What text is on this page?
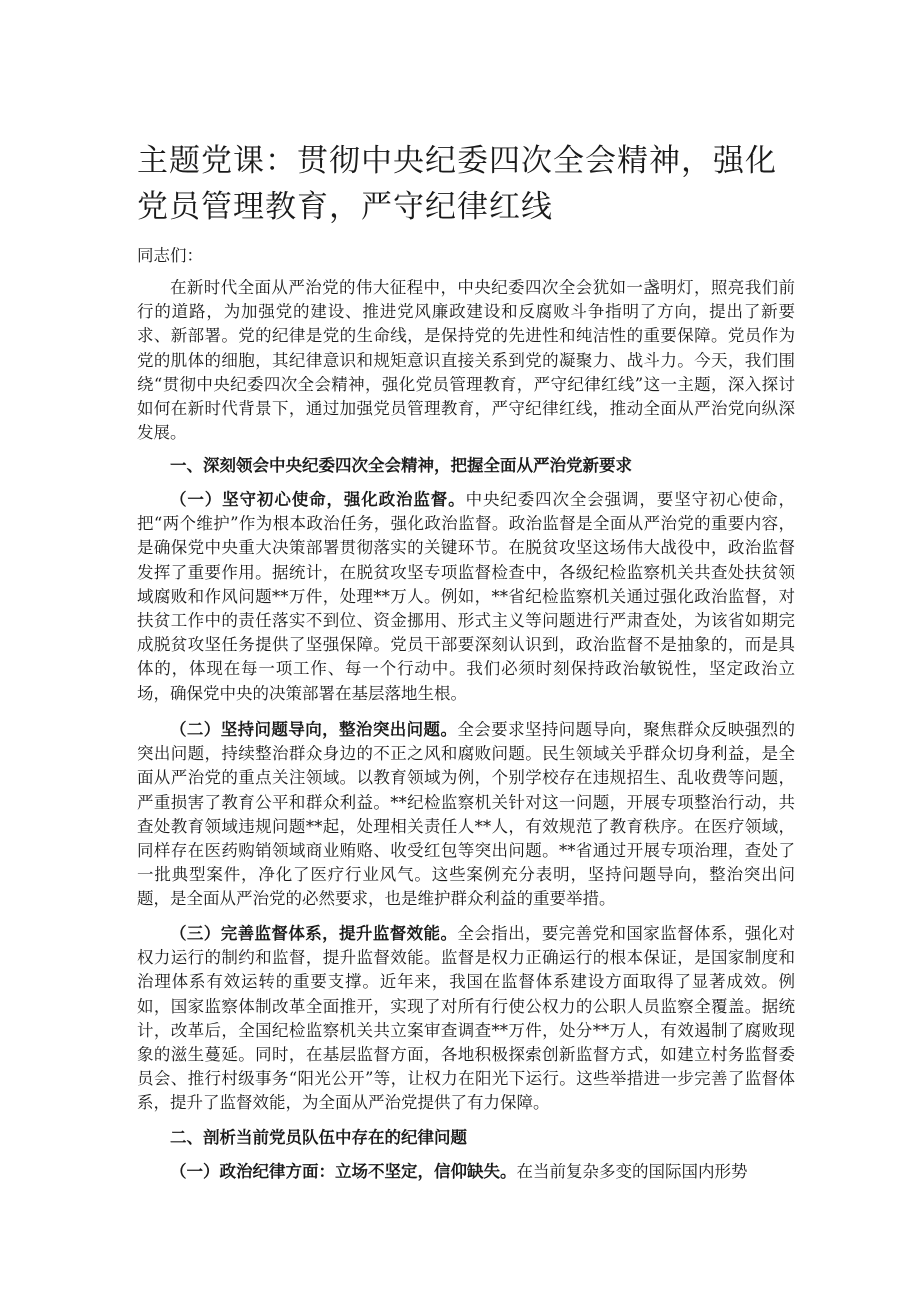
主题党课：贯彻中央纪委四次全会精神，强化党员管理教育，严守纪律红线

同志们：

在新时代全面从严治党的伟大征程中，中央纪委四次全会犹如一盏明灯，照亮我们前行的道路，为加强党的建设、推进党风廉政建设和反腐败斗争指明了方向，提出了新要求、新部署。党的纪律是党的生命线，是保持党的先进性和纯洁性的重要保障。党员作为党的肌体的细胞，其纪律意识和规矩意识直接关系到党的凝聚力、战斗力。今天，我们围绕“贯彻中央纪委四次全会精神，强化党员管理教育，严守纪律红线”这一主题，深入探讨如何在新时代背景下，通过加强党员管理教育，严守纪律红线，推动全面从严治党向纵深发展。

一、深刻领会中央纪委四次全会精神，把握全面从严治党新要求

（一）坚守初心使命，强化政治监督。中央纪委四次全会强调，要坚守初心使命，把“两个维护”作为根本政治任务，强化政治监督。政治监督是全面从严治党的重要内容，是确保党中央重大决策部署贯彻落实的关键环节。在脱贫攻坚这场伟大战役中，政治监督发挥了重要作用。据统计，在脱贫攻坚专项监督检查中，各级纪检监察机关共查处扶贫领域腐败和作风问题**万件，处理**万人。例如，**省纪检监察机关通过强化政治监督，对扶贫工作中的责任落实不到位、资金挪用、形式主义等问题进行严肃查处，为该省如期完成脱贫攻坚任务提供了坚强保障。党员干部要深刻认识到，政治监督不是抽象的，而是具体的，体现在每一项工作、每一个行动中。我们必须时刻保持政治敏锐性，坚定政治立场，确保党中央的决策部署在基层落地生根。

（二）坚持问题导向，整治突出问题。全会要求坚持问题导向，聚焦群众反映强烈的突出问题，持续整治群众身边的不正之风和腐败问题。民生领域关乎群众切身利益，是全面从严治党的重点关注领域。以教育领域为例，个别学校存在违规招生、乱收费等问题，严重损害了教育公平和群众利益。**纪检监察机关针对这一问题，开展专项整治行动，共查处教育领域违规问题**起，处理相关责任人**人，有效规范了教育秩序。在医疗领域，同样存在医药购销领域商业贿赂、收受红包等突出问题。**省通过开展专项治理，查处了一批典型案件，净化了医疗行业风气。这些案例充分表明，坚持问题导向，整治突出问题，是全面从严治党的必然要求，也是维护群众利益的重要举措。

（三）完善监督体系，提升监督效能。全会指出，要完善党和国家监督体系，强化对权力运行的制约和监督，提升监督效能。监督是权力正确运行的根本保证，是国家制度和治理体系有效运转的重要支撑。近年来，我国在监督体系建设方面取得了显著成效。例如，国家监察体制改革全面推开，实现了对所有行使公权力的公职人员监察全覆盖。据统计，改革后，全国纪检监察机关共立案审查调查**万件，处分**万人，有效遏制了腐败现象的滋生蔓延。同时，在基层监督方面，各地积极探索创新监督方式，如建立村务监督委员会、推行村级事务“阳光公开”等，让权力在阳光下运行。这些举措进一步完善了监督体系，提升了监督效能，为全面从严治党提供了有力保障。

二、剖析当前党员队伍中存在的纪律问题

（一）政治纪律方面：立场不坚定，信仰缺失。在当前复杂多变的国际国内形势
